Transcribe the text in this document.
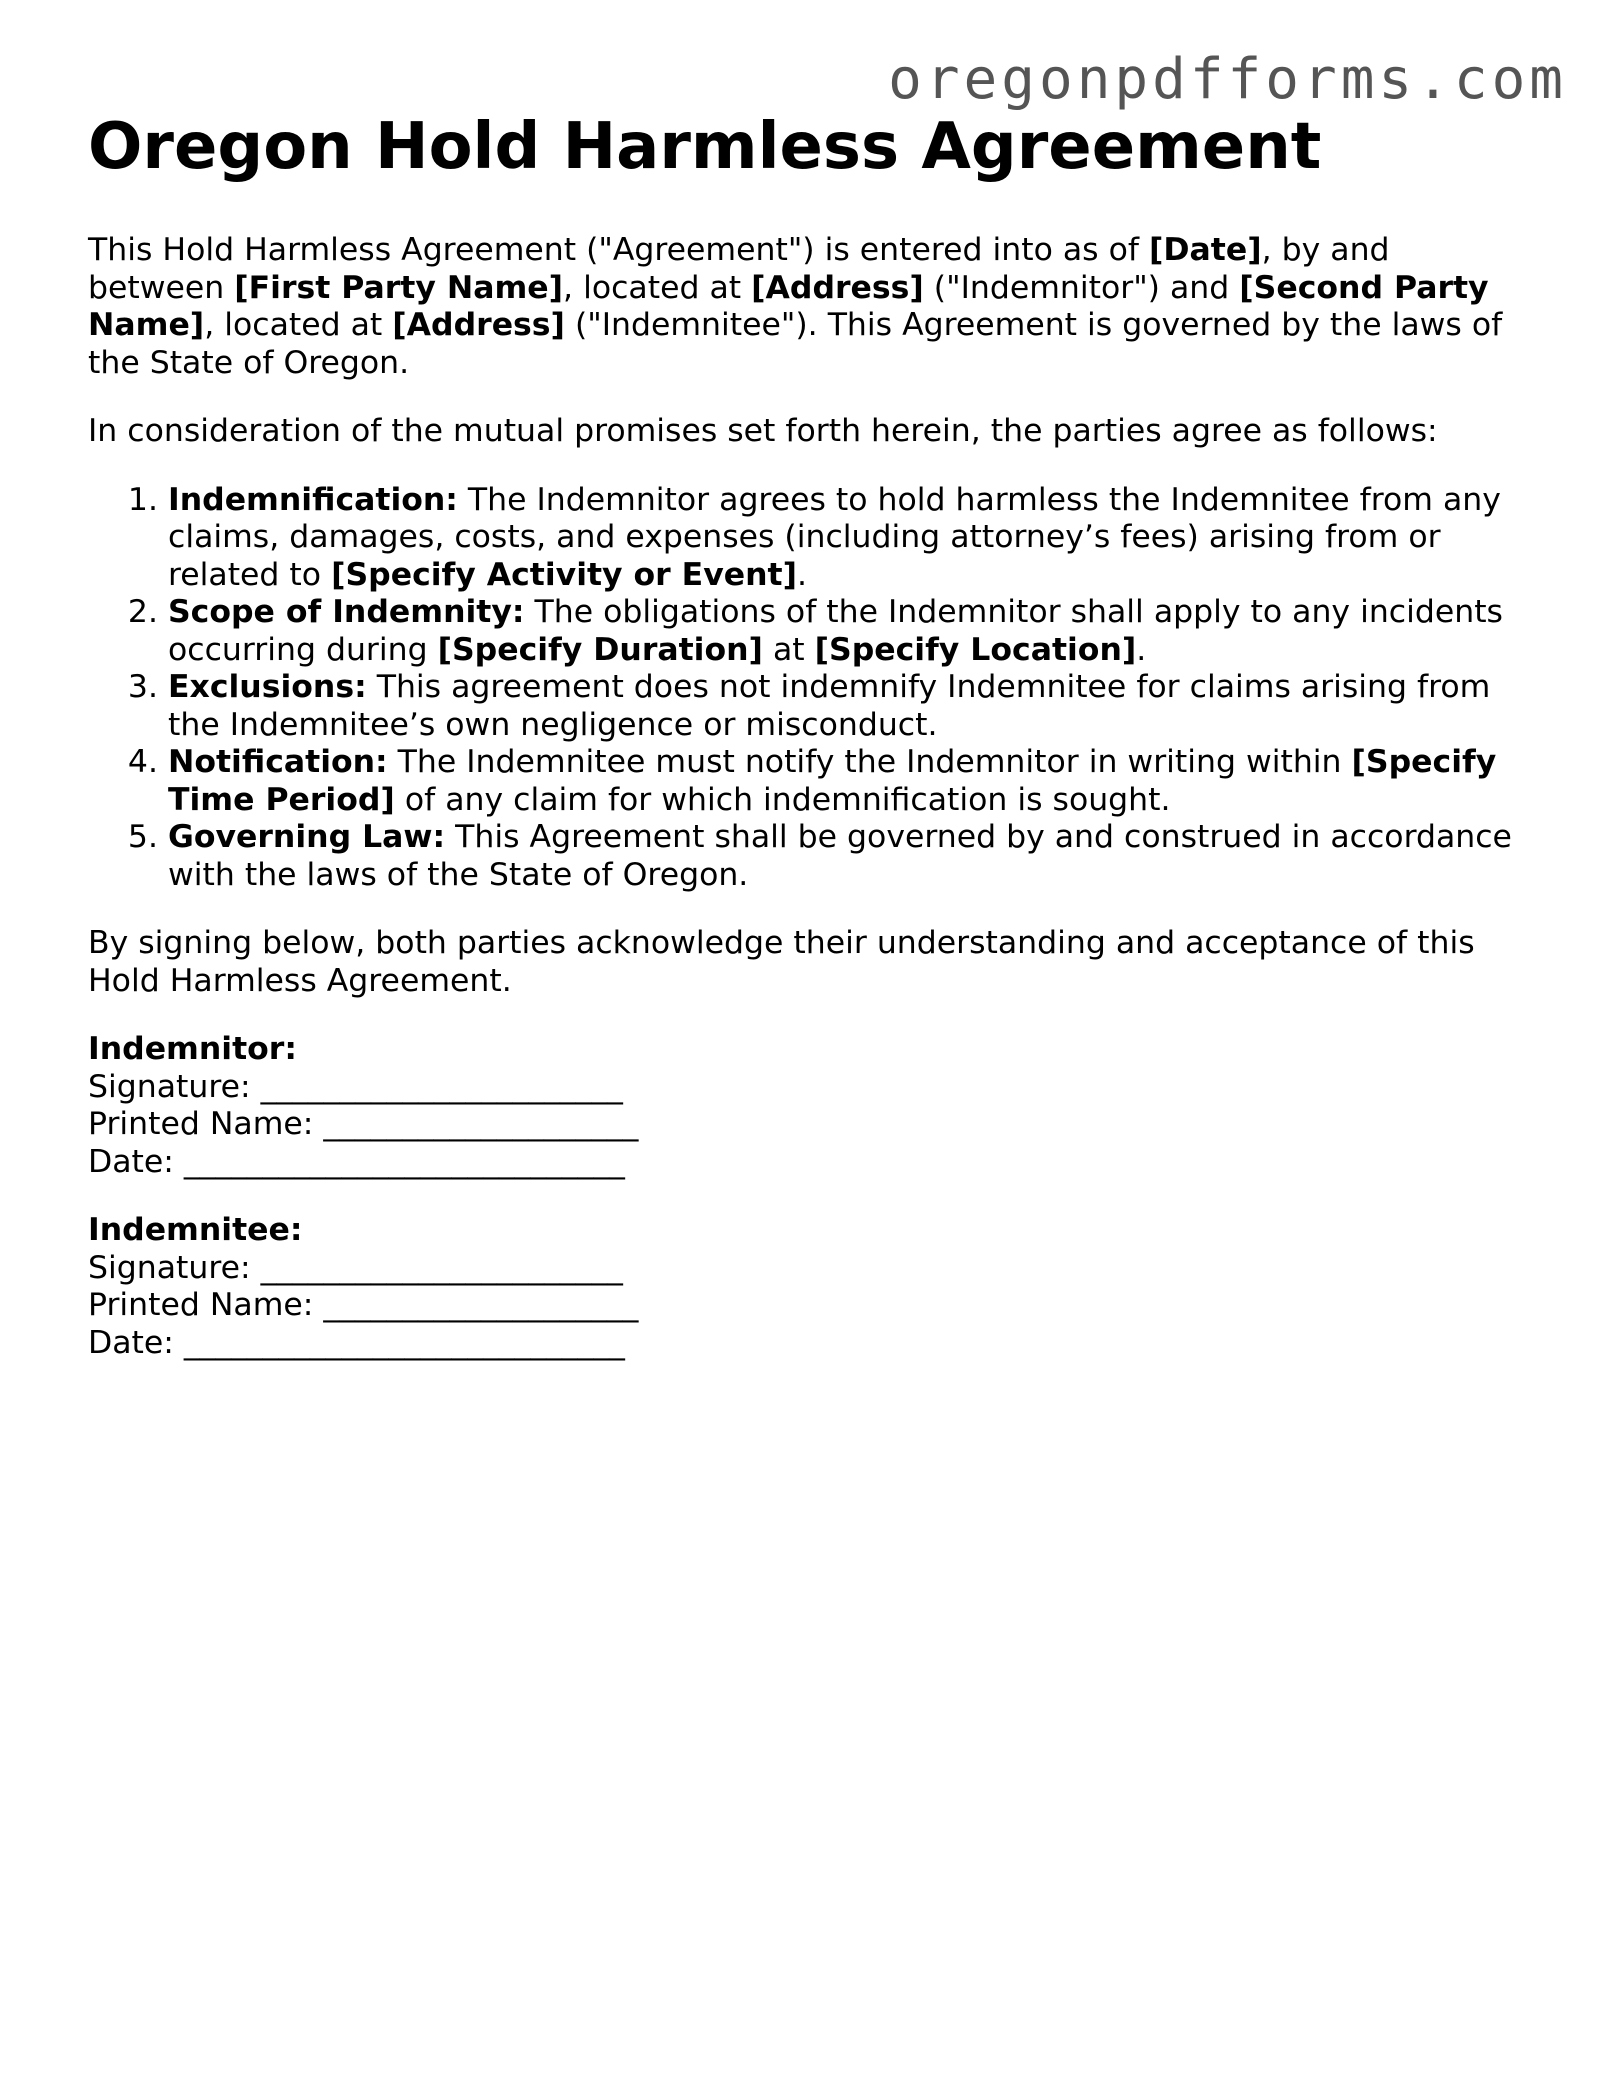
oregonpdfforms.com
Oregon Hold Harmless Agreement

This Hold Harmless Agreement ("Agreement") is entered into as of [Date], by and between [First Party Name], located at [Address] ("Indemnitor") and [Second Party Name], located at [Address] ("Indemnitee"). This Agreement is governed by the laws of the State of Oregon.

In consideration of the mutual promises set forth herein, the parties agree as follows:

1. Indemnification: The Indemnitor agrees to hold harmless the Indemnitee from any claims, damages, costs, and expenses (including attorney’s fees) arising from or related to [Specify Activity or Event].
2. Scope of Indemnity: The obligations of the Indemnitor shall apply to any incidents occurring during [Specify Duration] at [Specify Location].
3. Exclusions: This agreement does not indemnify Indemnitee for claims arising from the Indemnitee’s own negligence or misconduct.
4. Notification: The Indemnitee must notify the Indemnitor in writing within [Specify Time Period] of any claim for which indemnification is sought.
5. Governing Law: This Agreement shall be governed by and construed in accordance with the laws of the State of Oregon.

By signing below, both parties acknowledge their understanding and acceptance of this Hold Harmless Agreement.

Indemnitor:
Signature: _______________________
Printed Name: ____________________
Date: ____________________________
Indemnitee:
Signature: _______________________
Printed Name: ____________________
Date: ____________________________
